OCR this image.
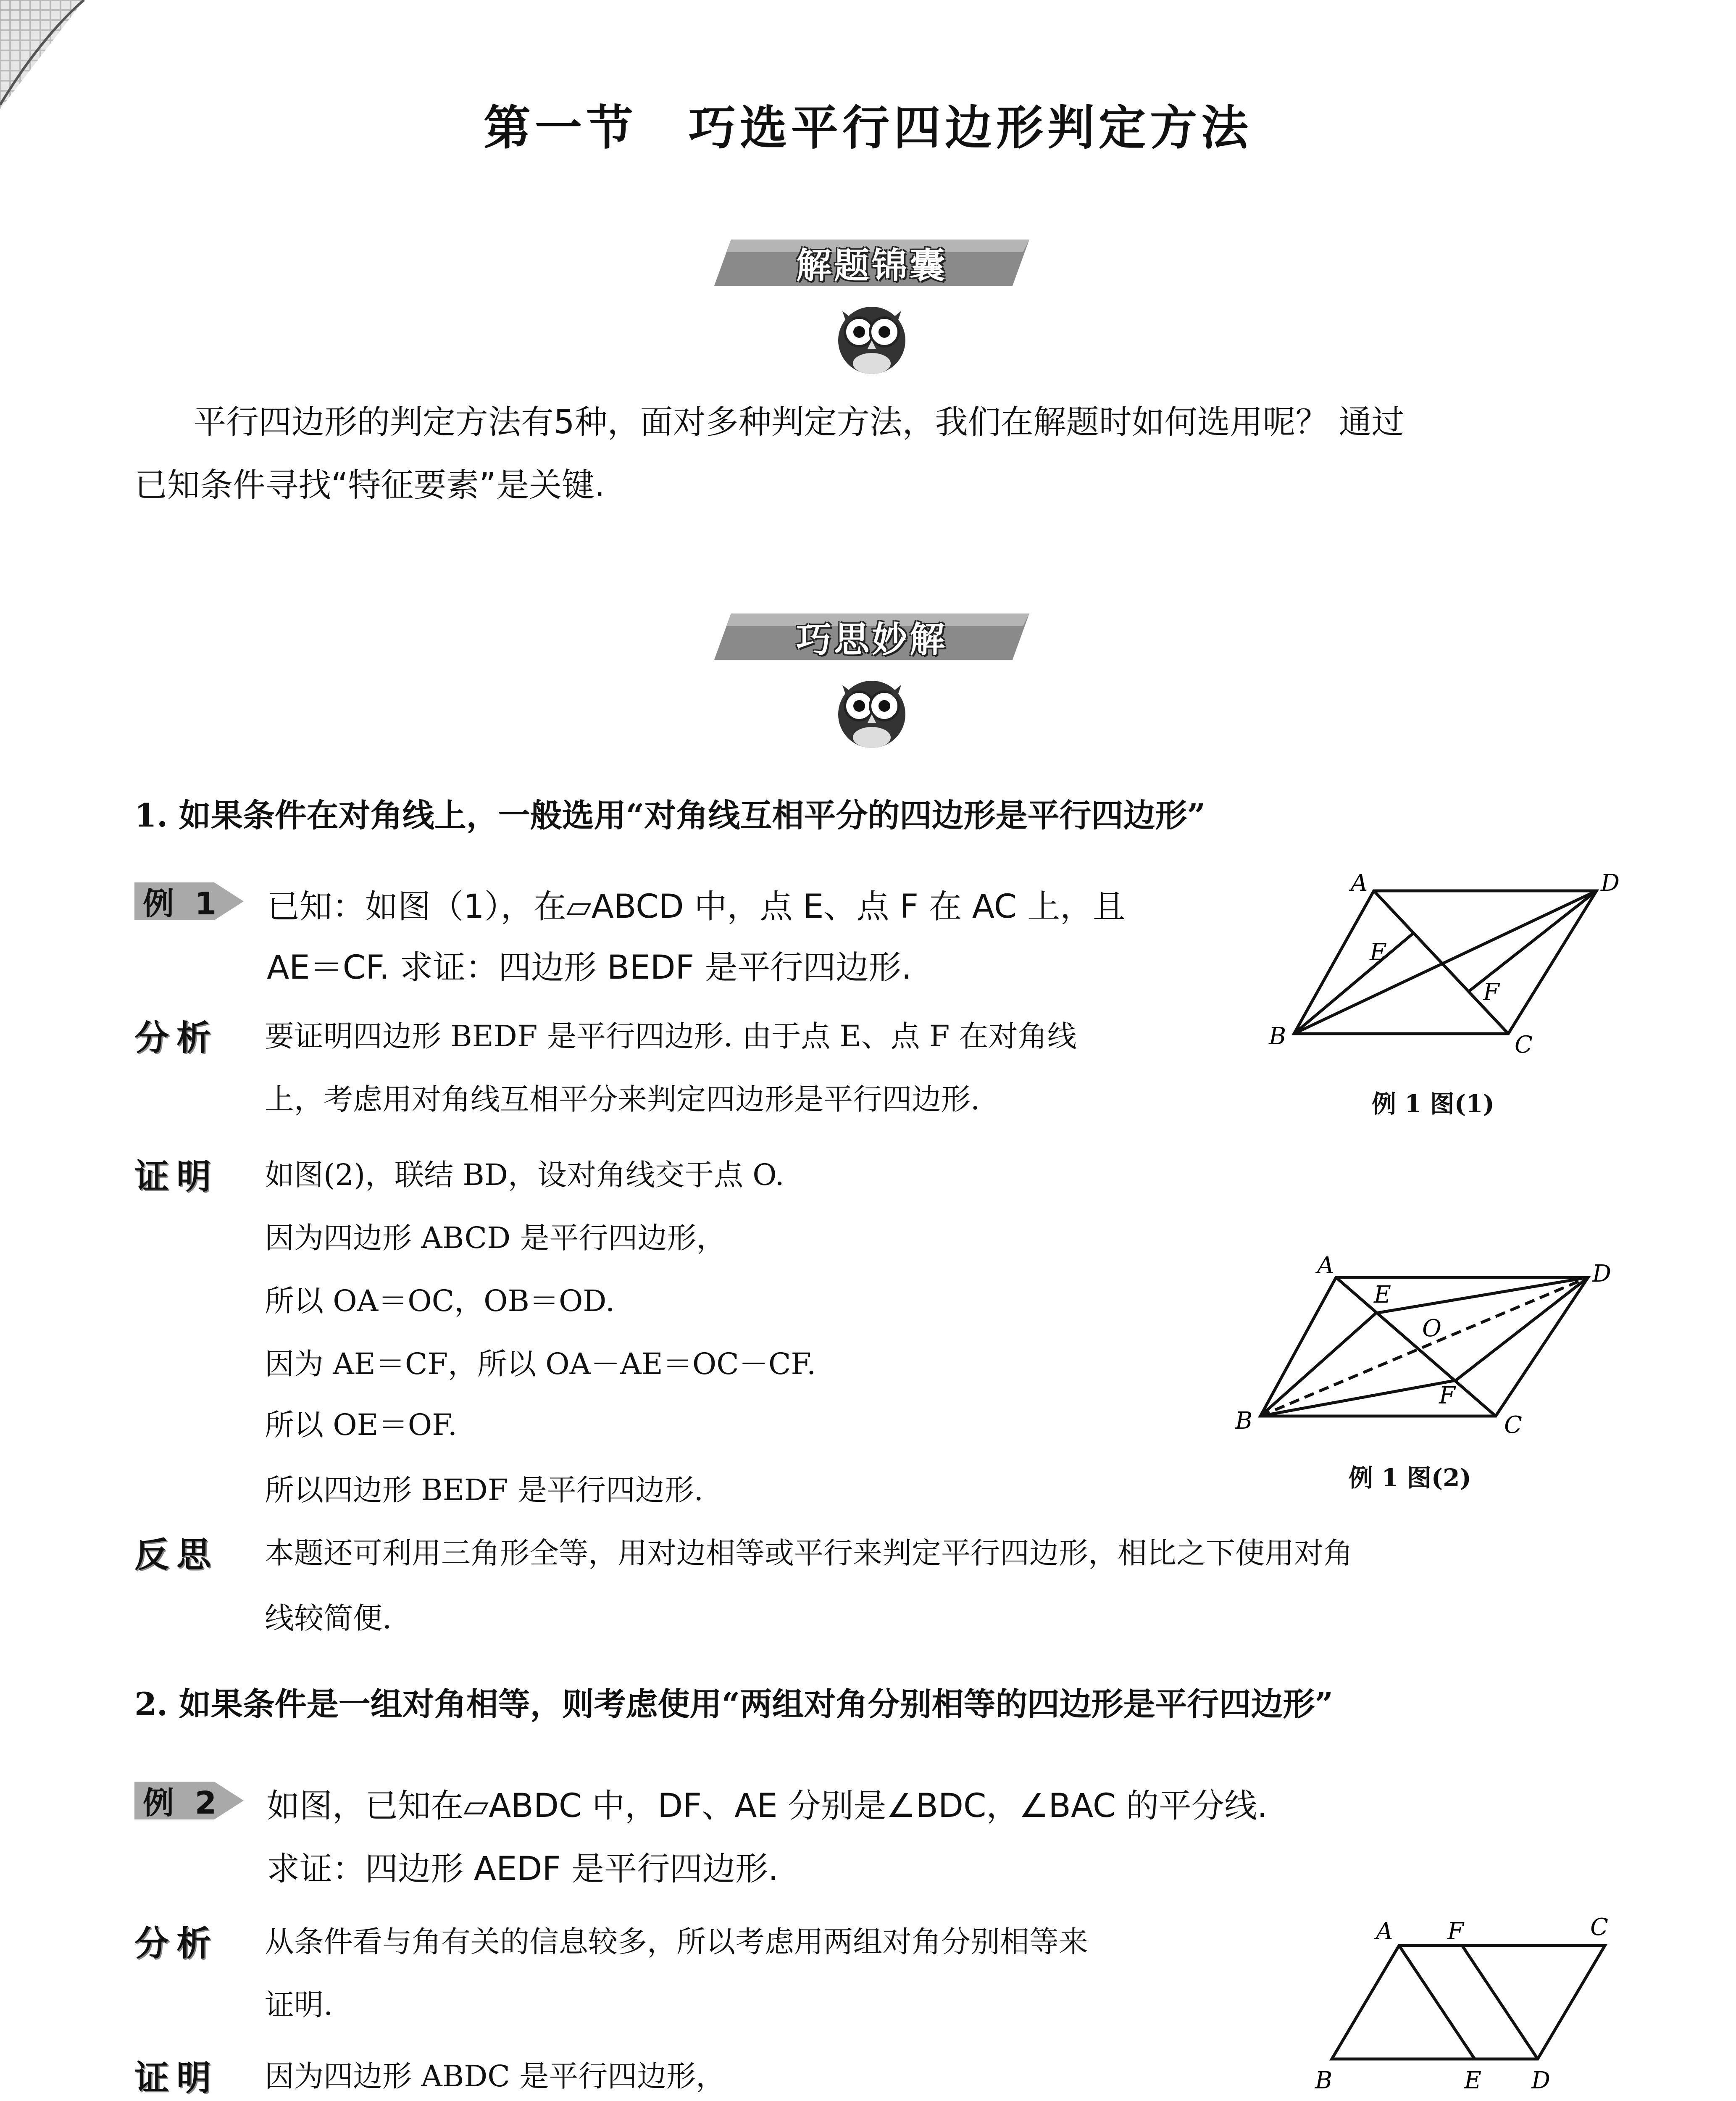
第一节　巧选平行四边形判定方法
解题锦囊
平行四边形的判定方法有5种，面对多种判定方法，我们在解题时如何选用呢？ 通过
已知条件寻找“特征要素”是关键.
巧思妙解
1. 如果条件在对角线上，一般选用“对角线互相平分的四边形是平行四边形”
例 1	已知：如图（1），在▱ABCD 中，点 E、点 F 在 AC 上，且
AE＝CF. 求证：四边形 BEDF 是平行四边形.
分析 要证明四边形 BEDF 是平行四边形. 由于点 E、点 F 在对角线
上，考虑用对角线互相平分来判定四边形是平行四边形.
证明 如图(2)，联结 BD，设对角线交于点 O.
因为四边形 ABCD 是平行四边形，
所以 OA＝OC，OB＝OD.
因为 AE＝CF，所以 OA－AE＝OC－CF.
所以 OE＝OF.
所以四边形 BEDF 是平行四边形.
反思 本题还可利用三角形全等，用对边相等或平行来判定平行四边形，相比之下使用对角
线较简便.
A	D
E
F
B	C
例 1 图(1)
A	D
E
O
F
B	C
例 1 图(2)
2. 如果条件是一组对角相等，则考虑使用“两组对角分别相等的四边形是平行四边形”
例 2	如图，已知在▱ABDC 中，DF、AE 分别是∠BDC，∠BAC 的平分线.
求证：四边形 AEDF 是平行四边形.
分析 从条件看与角有关的信息较多，所以考虑用两组对角分别相等来
证明.
证明 因为四边形 ABDC 是平行四边形，
A F	C
B	E D
